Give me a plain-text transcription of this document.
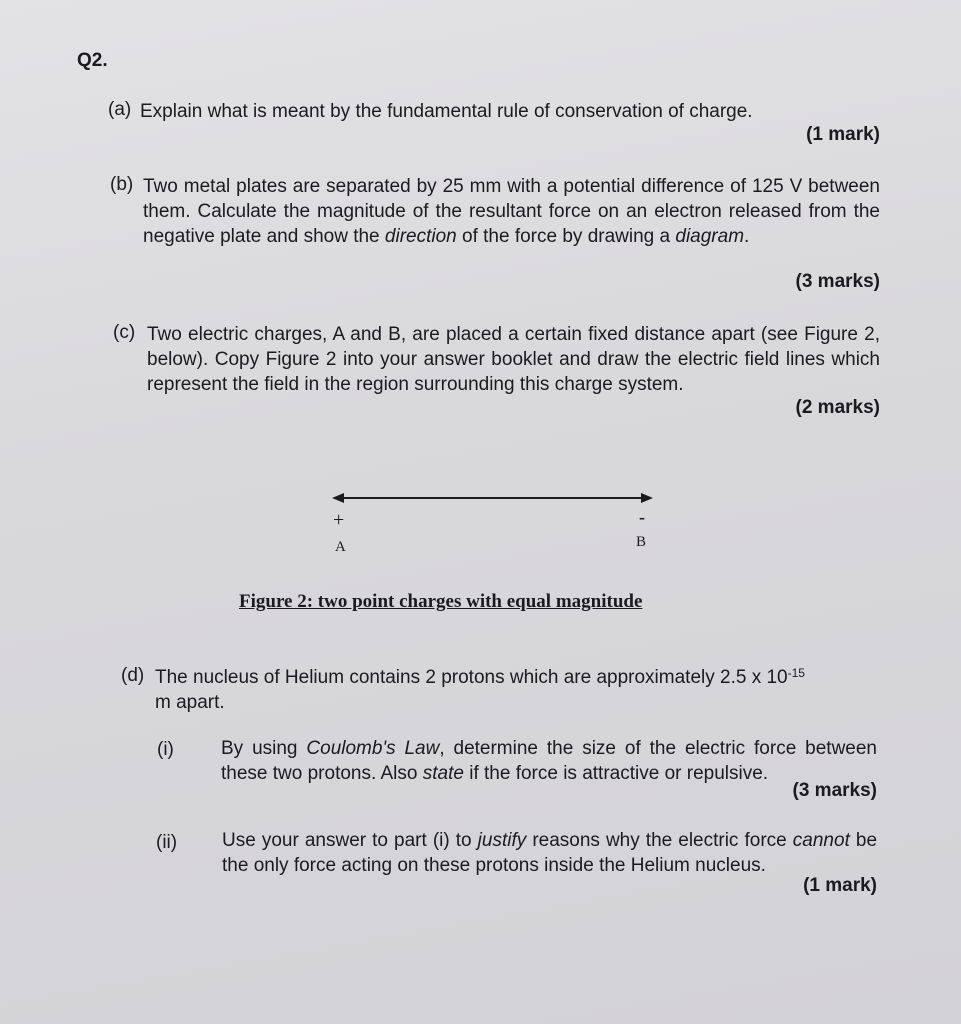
Q2.
(a) Explain what is meant by the fundamental rule of conservation of charge.
(1 mark)
(b) Two metal plates are separated by 25 mm with a potential difference of 125 V between them. Calculate the magnitude of the resultant force on an electron released from the negative plate and show the direction of the force by drawing a diagram.
(3 marks)
(c) Two electric charges, A and B, are placed a certain fixed distance apart (see Figure 2, below). Copy Figure 2 into your answer booklet and draw the electric field lines which represent the field in the region surrounding this charge system.
(2 marks)
+
A
-
B
Figure 2: two point charges with equal magnitude
(d) The nucleus of Helium contains 2 protons which are approximately 2.5 x $10^{-15}$
m apart.
(i) By using Coulomb's Law, determine the size of the electric force between these two protons. Also state if the force is attractive or repulsive.
(3 marks)
(ii) Use your answer to part (i) to justify reasons why the electric force cannot be the only force acting on these protons inside the Helium nucleus.
(1 mark)
